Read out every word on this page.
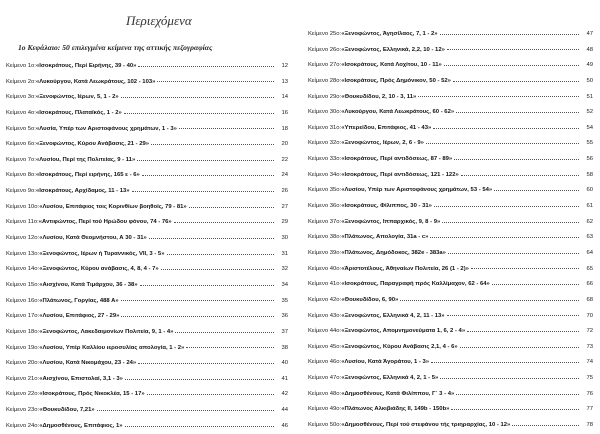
Περιεχόμενα
1ο Κεφάλαιο: 50 επιλεγμένα κείμενα της αττικής πεζογραφίας
Κείμενο 1ο: «Ισοκράτους, Περί Ειρήνης, 39 - 40»	12
Κείμενο 2ο: «Λυκούργου, Κατά Λεωκράτους, 102 - 103»	13
Κείμενο 3ο: «Ξενοφώντος, Ιέρων, 5, 1 - 2»	14
Κείμενο 4ο: «Ισοκράτους, Πλαταϊκός, 1 - 2»	16
Κείμενο 5ο: «Λυσία, Υπέρ των Αριστοφάνους χρημάτων, 1 - 3»	18
Κείμενο 6ο: «Ξενοφώντος, Κύρου Ανάβασις, 21 - 29»	20
Κείμενο 7ο: «Λυσίου, Περί της Πολιτείας, 9 - 11»	22
Κείμενο 8ο: «Ισοκράτους, Περί ειρήνης, 165 ε - 6»	24
Κείμενο 9ο: «Ισοκράτους, Αρχίδαμος, 11 - 13»	26
Κείμενο 10ο: «Λυσίου, Επιτάφιος τοις Κορινθίων βοηθοίς, 79 - 81»	27
Κείμενο 11ο: «Αντιφώντος, Περί τού Ηρώδου φόνου, 74 - 76»	29
Κείμενο 12ο: «Λυσίου, Κατά Θεομνήστου, Α 30 - 31»	30
Κείμενο 13ο: «Ξενοφώντος, Ιέρων ή Τυραννικός, VII, 3 - 5»	31
Κείμενο 14ο: «Ξενοφώντος, Κύρου ανάβασις, 4, 8, 4 - 7»	32
Κείμενο 15ο: «Αισχίνου, Κατά Τιμάρχου, 36 - 38»	34
Κείμενο 16ο: «Πλάτωνος, Γοργίας, 488 Α»	35
Κείμενο 17ο: «Λυσίου, Επιτάφιος, 27 - 29»	36
Κείμενο 18ο: «Ξενοφώντος, Λακεδαιμονίων Πολιτεία, 9, 1 - 4»	37
Κείμενο 19ο: «Λυσίου, Υπέρ Καλλίου ιεροσυλίας απολογία, 1 - 2»	38
Κείμενο 20ο: «Λυσίου, Κατά Νικομάχου, 23 - 24»	40
Κείμενο 21ο: «Αισχίνου, Επιστολαί, 3,1 - 3»	41
Κείμενο 22ο: «Ισοκράτους, Πρός Νικοκλέα, 15 - 17»	42
Κείμενο 23ο: «Θουκυδίδου, 7,21»	44
Κείμενο 24ο: «Δημοσθένους, Επιτάφιος, 1»	46
Κείμενο 25ο: «Ξενοφώντος, Άγησίλαος, 7, 1 - 2»	47
Κείμενο 26ο: «Ξενοφώντος, Ελληνικά, 2,2, 10 - 12»	48
Κείμενο 27ο: «Ισοκράτους, Κατά Λοχίτου, 10 - 11»	49
Κείμενο 28ο: «Ισοκράτους, Πρός Δημόνικον, 50 - 52»	50
Κείμενο 29ο: «Θουκυδίδου, 2, 10 - 3, 11»	51
Κείμενο 30ο: «Λυκούργου, Κατά Λεωκράτους, 60 - 62»	52
Κείμενο 31ο: «Υπερείδου, Επιτάφιος, 41 - 43»	54
Κείμενο 32ο: «Ξενοφώντος, Ιέρων, 2, 6 - 9»	55
Κείμενο 33ο: «Ισοκράτους, Περί αντιδόσεως, 87 - 89»	56
Κείμενο 34ο: «Ισοκράτους, Περί αντιδόσεως, 121 - 122»	58
Κείμενο 35ο: «Λυσίου, Υπέρ των Αριστοφάνους χρημάτων, 53 - 54»	60
Κείμενο 36ο: «Ισοκράτους, Φίλιππος, 30 - 31»	61
Κείμενο 37ο: «Ξενοφώντος, Ιππαρχικός, 9, 8 - 9»	62
Κείμενο 38ο: «Πλάτωνος, Απολογία, 31a - c»	63
Κείμενο 39ο: «Πλάτωνος, Δημόδοκος, 382e - 383a»	64
Κείμενο 40ο: «Άριστοτέλους, Άθηναίων Πολιτεία, 26 (1 - 2)»	65
Κείμενο 41ο: «Ισοκράτους, Παραγραφή πρός Καλλίμαχον, 62 - 64»	66
Κείμενο 42ο: «Θουκυδίδου, 6, 90»	68
Κείμενο 43ο: «Ξενοφώντος, Ελληνικά 4, 2, 11 - 13»	70
Κείμενο 44ο: «Ξενοφώντος, Απομνημονεύματα 1, 6, 2 - 4»	72
Κείμενο 45ο: «Ξενοφώντος, Κύρου Ανάβασις 2,1, 4 - 6»	73
Κείμενο 46ο: «Λυσίου, Κατά Άγοράτου, 1 - 3»	74
Κείμενο 47ο: «Ξενοφώντος, Ελληνικά 4, 2, 1 - 5»	75
Κείμενο 48ο: «Δημοσθένους, Κατά Φιλίππου, Γ΄ 3 - 4»	76
Κείμενο 49ο: «Πλάτωνος Αλκιβιάδης ΙΙ, 149b - 150b»	77
Κείμενο 50ο: «Δημοσθένους, Περί τού στεφάνου τής τριηραρχίας, 10 - 12»	78
